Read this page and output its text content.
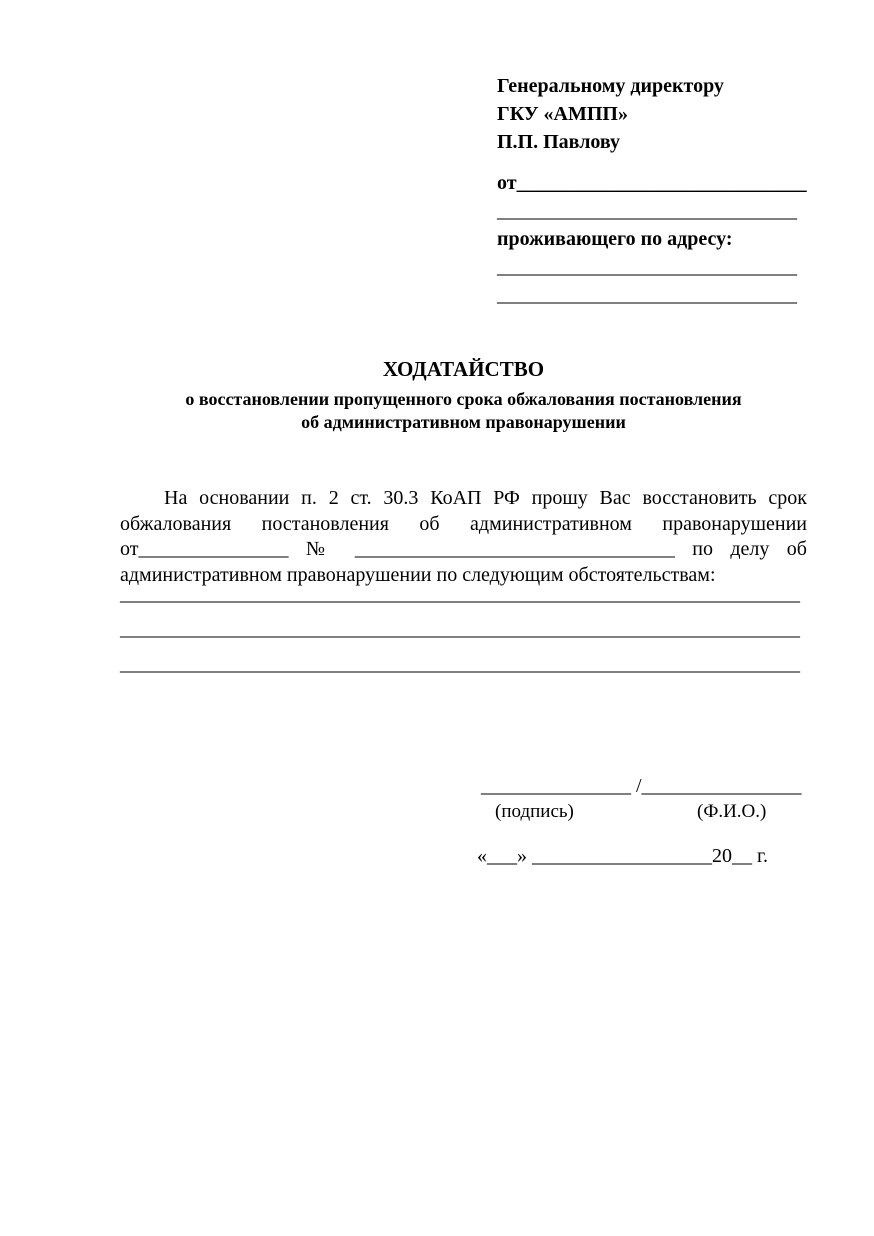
Генеральному директору
ГКУ «АМПП»
П.П. Павлову
от_____________________________
______________________________
проживающего по адресу:
______________________________
______________________________
ХОДАТАЙСТВО
о восстановлении пропущенного срока обжалования постановления
об административном правонарушении
На основании п. 2 ст. 30.3 КоАП РФ прошу Вас восстановить срок
обжалования постановления об административном правонарушении
от_______________ № ________________________________ по делу об
административном правонарушении по следующим обстоятельствам:
____________________________________________________________________
____________________________________________________________________
____________________________________________________________________
_______________ /________________
(подпись)	(Ф.И.О.)
«___» __________________20__ г.
